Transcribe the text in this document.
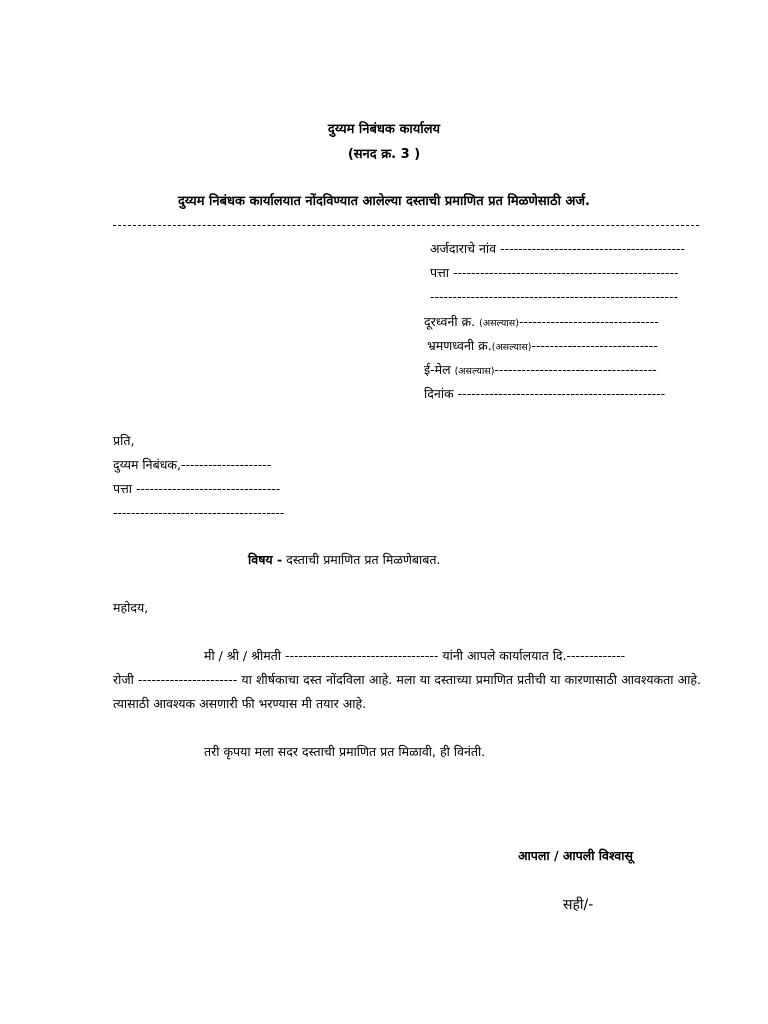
दुय्यम निबंधक कार्यालय
(सनद क्र. 3 )
दुय्यम निबंधक कार्यालयात नोंदविण्यात आलेल्या दस्ताची प्रमाणित प्रत मिळणेसाठी अर्ज.
अर्जदाराचे नांव -----------------------------------------
पत्ता --------------------------------------------------
-------------------------------------------------------
दूरध्वनी क्र. (असल्यास)-------------------------------
भ्रमणध्वनी क्र.(असल्यास)----------------------------
ई-मेल (असल्यास)------------------------------------
दिनांक ----------------------------------------------
प्रति,
दुय्यम निबंधक,--------------------
पत्ता --------------------------------
--------------------------------------
विषय - दस्ताची प्रमाणित प्रत मिळणेबाबत.
महोदय,
मी / श्री / श्रीमती ---------------------------------- यांनी आपले कार्यालयात दि.-------------
रोजी ---------------------- या शीर्षकाचा दस्त नोंदविला आहे. मला या दस्ताच्या प्रमाणित प्रतीची या कारणासाठी आवश्यकता आहे. त्यासाठी आवश्यक असणारी फी भरण्यास मी तयार आहे.
तरी कृपया मला सदर दस्ताची प्रमाणित प्रत मिळावी, ही विनंती.
आपला / आपली विश्वासू
सही/-
